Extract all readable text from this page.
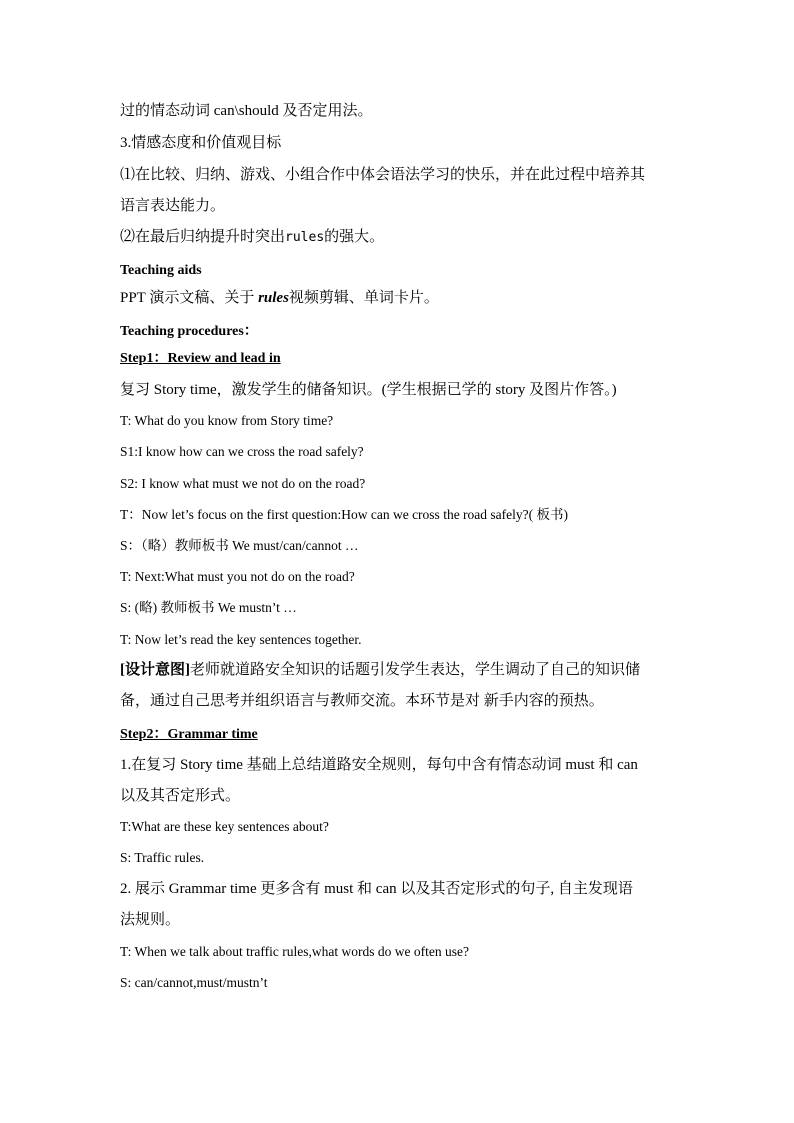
过的情态动词 can\should 及否定用法。
3.情感态度和价值观目标
⑴在比较、归纳、游戏、小组合作中体会语法学习的快乐，并在此过程中培养其
语言表达能力。
⑵在最后归纳提升时突出rules的强大。
Teaching aids
PPT 演示文稿、关于 rules视频剪辑、单词卡片。
Teaching procedures：
Step1：Review and lead in
复习 Story time，激发学生的储备知识。(学生根据已学的 story 及图片作答。)
T: What do you know from Story time?
S1:I know how can we cross the road safely?
S2: I know what must we not do on the road?
T：Now let’s focus on the first question:How can we cross the road safely?( 板书)
S：（略）教师板书 We must/can/cannot …
T: Next:What must you not do on the road?
S: (略) 教师板书 We mustn’t …
T: Now let’s read the key sentences together.
[设计意图]老师就道路安全知识的话题引发学生表达，学生调动了自己的知识储
备，通过自己思考并组织语言与教师交流。本环节是对 新手内容的预热。
Step2：Grammar time
1.在复习 Story time 基础上总结道路安全规则，每句中含有情态动词 must 和 can
以及其否定形式。
T:What are these key sentences about?
S: Traffic rules.
2. 展示 Grammar time 更多含有 must 和 can 以及其否定形式的句子, 自主发现语
法规则。
T: When we talk about traffic rules,what words do we often use?
S: can/cannot,must/mustn’t
